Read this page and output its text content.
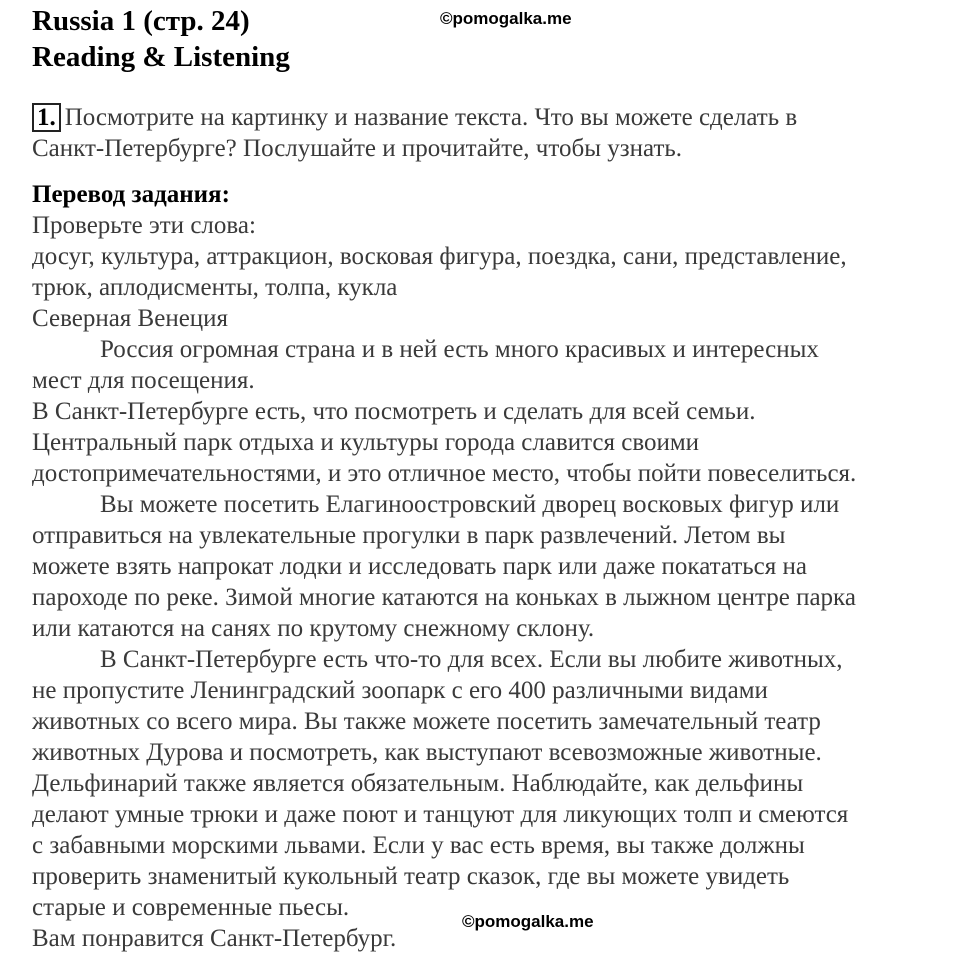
Russia 1 (стр. 24)
Reading & Listening
©pomogalka.me
1. Посмотрите на картинку и название текста. Что вы можете сделать в
Санкт-Петербурге? Послушайте и прочитайте, чтобы узнать.
Перевод задания:
Проверьте эти слова:
досуг, культура, аттракцион, восковая фигура, поездка, сани, представление,
трюк, аплодисменты, толпа, кукла
Северная Венеция
Россия огромная страна и в ней есть много красивых и интересных
мест для посещения.
В Санкт-Петербурге есть, что посмотреть и сделать для всей семьи.
Центральный парк отдыха и культуры города славится своими
достопримечательностями, и это отличное место, чтобы пойти повеселиться.
Вы можете посетить Елагиноостровский дворец восковых фигур или
отправиться на увлекательные прогулки в парк развлечений. Летом вы
можете взять напрокат лодки и исследовать парк или даже покататься на
пароходе по реке. Зимой многие катаются на коньках в лыжном центре парка
или катаются на санях по крутому снежному склону.
В Санкт-Петербурге есть что-то для всех. Если вы любите животных,
не пропустите Ленинградский зоопарк с его 400 различными видами
животных со всего мира. Вы также можете посетить замечательный театр
животных Дурова и посмотреть, как выступают всевозможные животные.
Дельфинарий также является обязательным. Наблюдайте, как дельфины
делают умные трюки и даже поют и танцуют для ликующих толп и смеются
с забавными морскими львами. Если у вас есть время, вы также должны
проверить знаменитый кукольный театр сказок, где вы можете увидеть
старые и современные пьесы.
Вам понравится Санкт-Петербург.
©pomogalka.me
